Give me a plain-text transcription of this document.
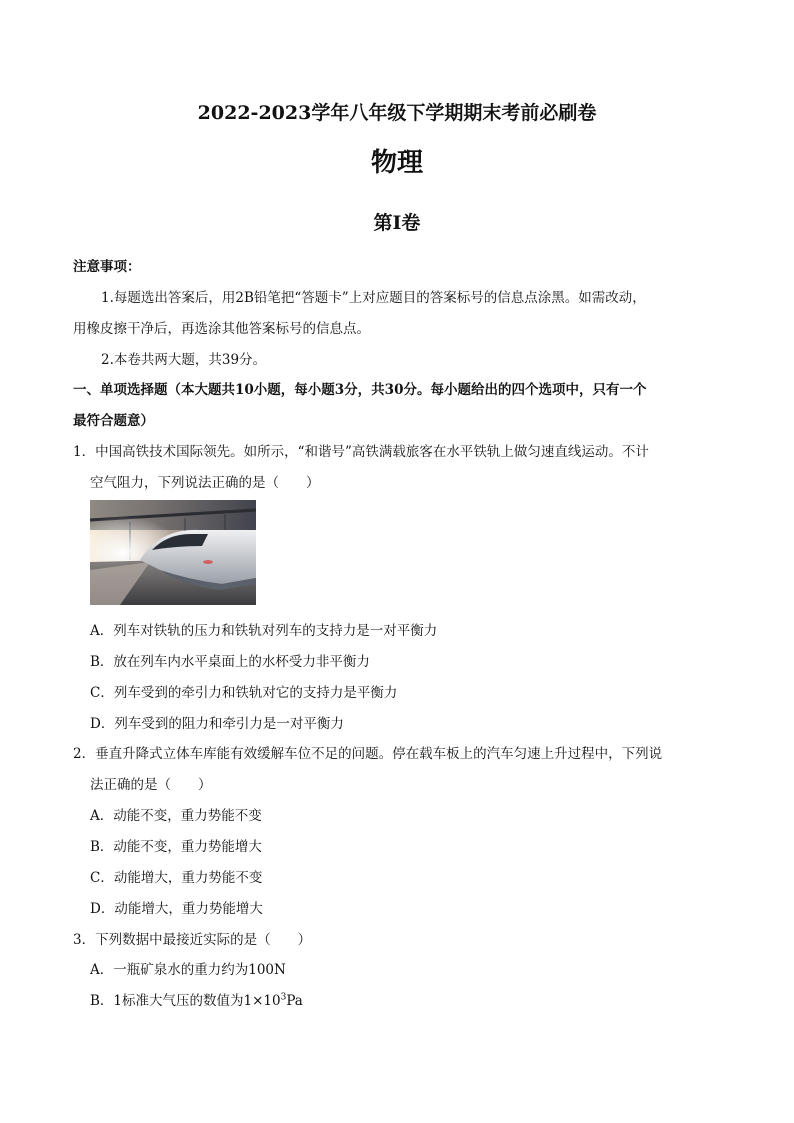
2022-2023学年八年级下学期期末考前必刷卷
物理
第Ⅰ卷
注意事项：
1.每题选出答案后，用2B铅笔把“答题卡”上对应题目的答案标号的信息点涂黑。如需改动，
用橡皮擦干净后，再选涂其他答案标号的信息点。
2.本卷共两大题，共39分。
一、单项选择题（本大题共10小题，每小题3分，共30分。每小题给出的四个选项中，只有一个
最符合题意）
1．中国高铁技术国际领先。如所示，“和谐号”高铁满载旅客在水平铁轨上做匀速直线运动。不计
空气阻力，下列说法正确的是（　　）
A．列车对铁轨的压力和铁轨对列车的支持力是一对平衡力
B．放在列车内水平桌面上的水杯受力非平衡力
C．列车受到的牵引力和铁轨对它的支持力是平衡力
D．列车受到的阻力和牵引力是一对平衡力
2．垂直升降式立体车库能有效缓解车位不足的问题。停在载车板上的汽车匀速上升过程中，下列说
法正确的是（　　）
A．动能不变，重力势能不变
B．动能不变，重力势能增大
C．动能增大，重力势能不变
D．动能增大，重力势能增大
3．下列数据中最接近实际的是（　　）
A．一瓶矿泉水的重力约为100N
B．1标准大气压的数值为$1\times 10^3Pa$
